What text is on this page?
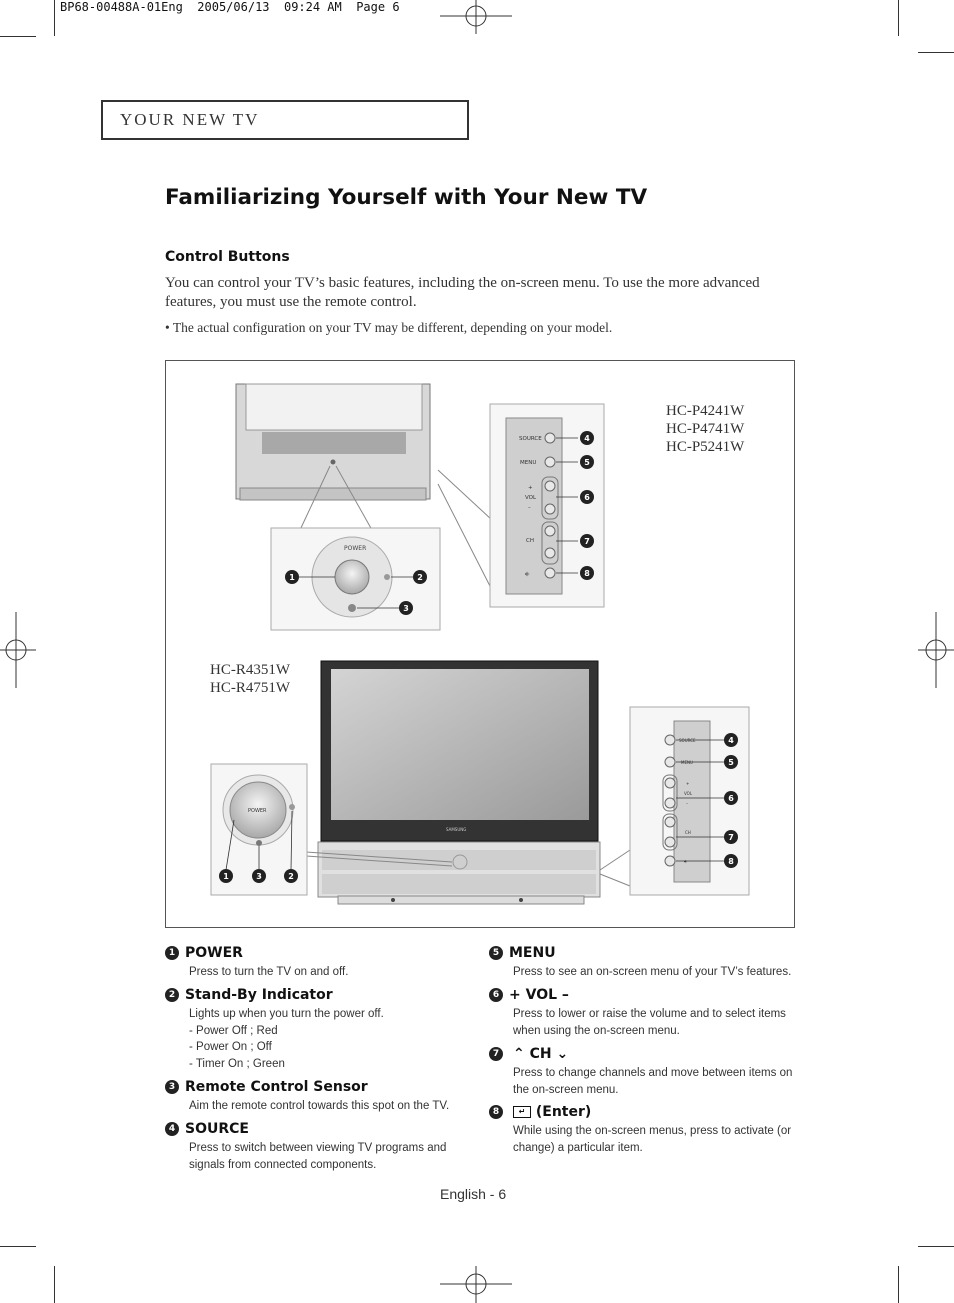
BP68-00488A-01Eng  2005/06/13  09:24 AM  Page 6
YOUR NEW TV
Familiarizing Yourself with Your New TV
Control Buttons
You can control your TV’s basic features, including the on-screen menu. To use the more advanced features, you must use the remote control.
• The actual configuration on your TV may be different, depending on your model.
POWER
SOURCE
MENU
+
VOL
–
CH
⎆
SAMSUNG
POWER
SOURCE
MENU
+
VOL
–
CH
⎆
1	2
3
4
5
6
7
8
1	3	2
4
5
6
7
8
HC-P4241W
HC-P4741W
HC-P5241W
HC-R4351W
HC-R4751W
1 POWER
Press to turn the TV on and off.
2 Stand-By Indicator
Lights up when you turn the power off.
- Power Off ; Red
- Power On ; Off
- Timer On ; Green
3 Remote Control Sensor
Aim the remote control towards this spot on the TV.
4 SOURCE
Press to switch between viewing TV programs and
signals from connected components.
5 MENU
Press to see an on-screen menu of your TV’s features.
6 + VOL –
Press to lower or raise the volume and to select items
when using the on-screen menu.
7 ⌃ CH ⌄
Press to change channels and move between items on
the on-screen menu.
8 ↵ (Enter)
While using the on-screen menus, press to activate (or
change) a particular item.
English - 6
